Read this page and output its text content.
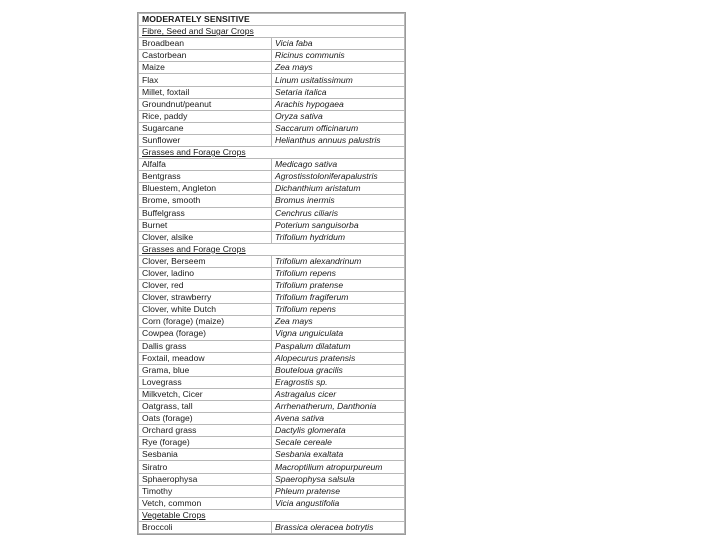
MODERATELY SENSITIVE	
Fibre, Seed and Sugar Crops	
Broadbean	Vicia faba
Castorbean	Ricinus communis
Maize	Zea mays
Flax	Linum usitatissimum
Millet, foxtail	Setaria italica
Groundnut/peanut	Arachis hypogaea
Rice, paddy	Oryza sativa
Sugarcane	Saccarum officinarum
Sunflower	Helianthus annuus palustris
Grasses and Forage Crops	
Alfalfa	Medicago sativa
Bentgrass	Agrostisstoloniferapalustris
Bluestem, Angleton	Dichanthium aristatum
Brome, smooth	Bromus inermis
Buffelgrass	Cenchrus ciliaris
Burnet	Poterium sanguisorba
Clover, alsike	Trifolium hydridum
Grasses and Forage Crops	
Clover, Berseem	Trifolium alexandrinum
Clover, ladino	Trifolium repens
Clover, red	Trifolium pratense
Clover, strawberry	Trifolium fragiferum
Clover, white Dutch	Trifolium repens
Corn (forage) (maize)	Zea mays
Cowpea (forage)	Vigna unguiculata
Dallis grass	Paspalum dilatatum
Foxtail, meadow	Alopecurus pratensis
Grama, blue	Bouteloua gracilis
Lovegrass	Eragrostis sp.
Milkvetch, Cicer	Astragalus cicer
Oatgrass, tall	Arrhenatherum, Danthonia
Oats (forage)	Avena sativa
Orchard grass	Dactylis glomerata
Rye (forage)	Secale cereale
Sesbania	Sesbania exaltata
Siratro	Macroptilium atropurpureum
Sphaerophysa	Spaerophysa salsula
Timothy	Phleum pratense
Vetch, common	Vicia angustifolia
Vegetable Crops	
Broccoli	Brassica oleracea botrytis
